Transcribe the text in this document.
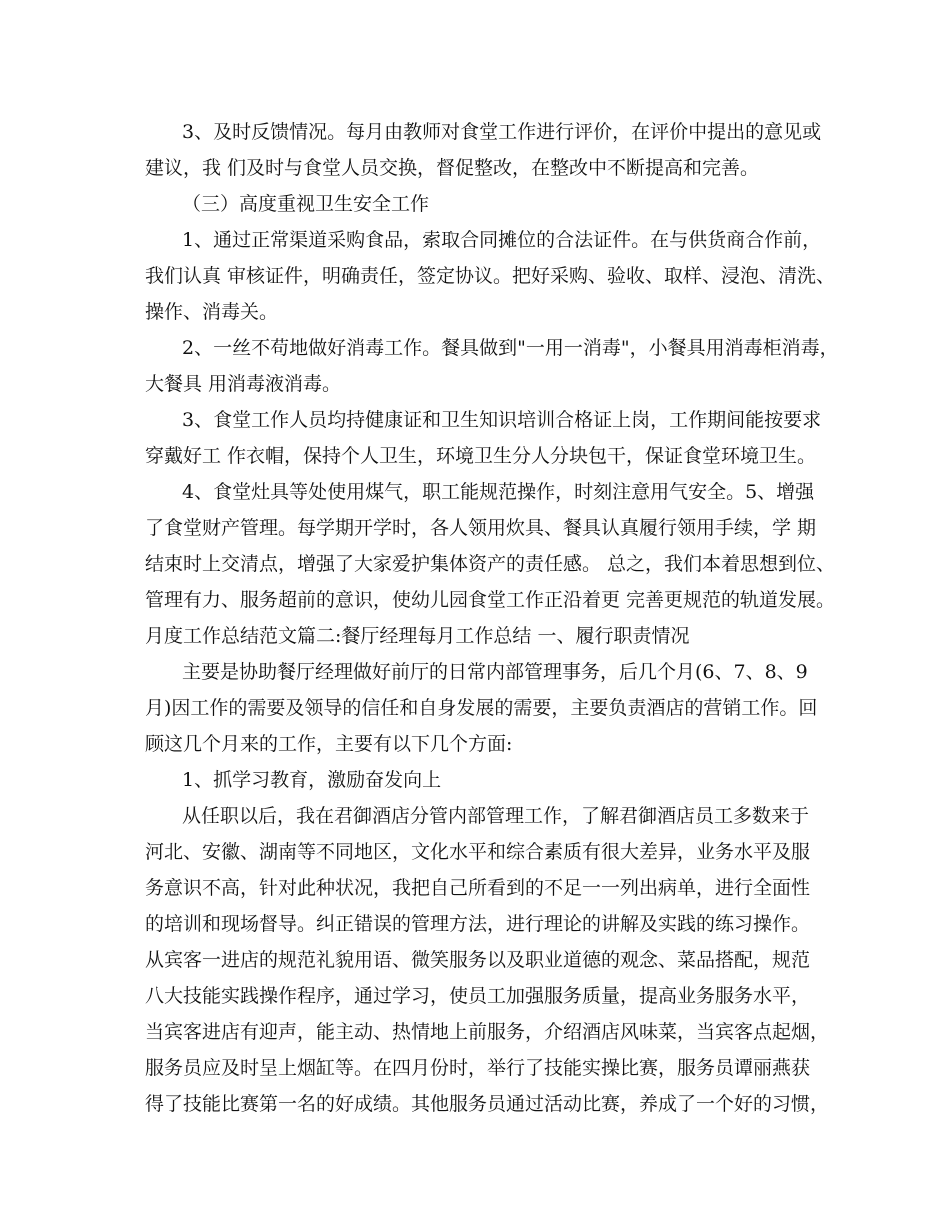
3、及时反馈情况。每月由教师对食堂工作进行评价，在评价中提出的意见或
建议，我 们及时与食堂人员交换，督促整改，在整改中不断提高和完善。
（三）高度重视卫生安全工作
1、通过正常渠道采购食品，索取合同摊位的合法证件。在与供货商合作前，
我们认真 审核证件，明确责任，签定协议。把好采购、验收、取样、浸泡、清洗、
操作、消毒关。
2、一丝不苟地做好消毒工作。餐具做到"一用一消毒"，小餐具用消毒柜消毒，
大餐具 用消毒液消毒。
3、食堂工作人员均持健康证和卫生知识培训合格证上岗，工作期间能按要求
穿戴好工 作衣帽，保持个人卫生，环境卫生分人分块包干，保证食堂环境卫生。
4、食堂灶具等处使用煤气，职工能规范操作，时刻注意用气安全。5、增强
了食堂财产管理。每学期开学时，各人领用炊具、餐具认真履行领用手续，学 期
结束时上交清点，增强了大家爱护集体资产的责任感。 总之，我们本着思想到位、
管理有力、服务超前的意识，使幼儿园食堂工作正沿着更 完善更规范的轨道发展。
月度工作总结范文篇二:餐厅经理每月工作总结 一、履行职责情况
主要是协助餐厅经理做好前厅的日常内部管理事务，后几个月(6、7、8、9
月)因工作的需要及领导的信任和自身发展的需要，主要负责酒店的营销工作。回
顾这几个月来的工作，主要有以下几个方面:
1、抓学习教育，激励奋发向上
从任职以后，我在君御酒店分管内部管理工作，了解君御酒店员工多数来于
河北、安徽、湖南等不同地区，文化水平和综合素质有很大差异，业务水平及服
务意识不高，针对此种状况，我把自己所看到的不足一一列出病单，进行全面性
的培训和现场督导。纠正错误的管理方法，进行理论的讲解及实践的练习操作。
从宾客一进店的规范礼貌用语、微笑服务以及职业道德的观念、菜品搭配，规范
八大技能实践操作程序，通过学习，使员工加强服务质量，提高业务服务水平，
当宾客进店有迎声，能主动、热情地上前服务，介绍酒店风味菜，当宾客点起烟，
服务员应及时呈上烟缸等。在四月份时，举行了技能实操比赛，服务员谭丽燕获
得了技能比赛第一名的好成绩。其他服务员通过活动比赛，养成了一个好的习惯，
